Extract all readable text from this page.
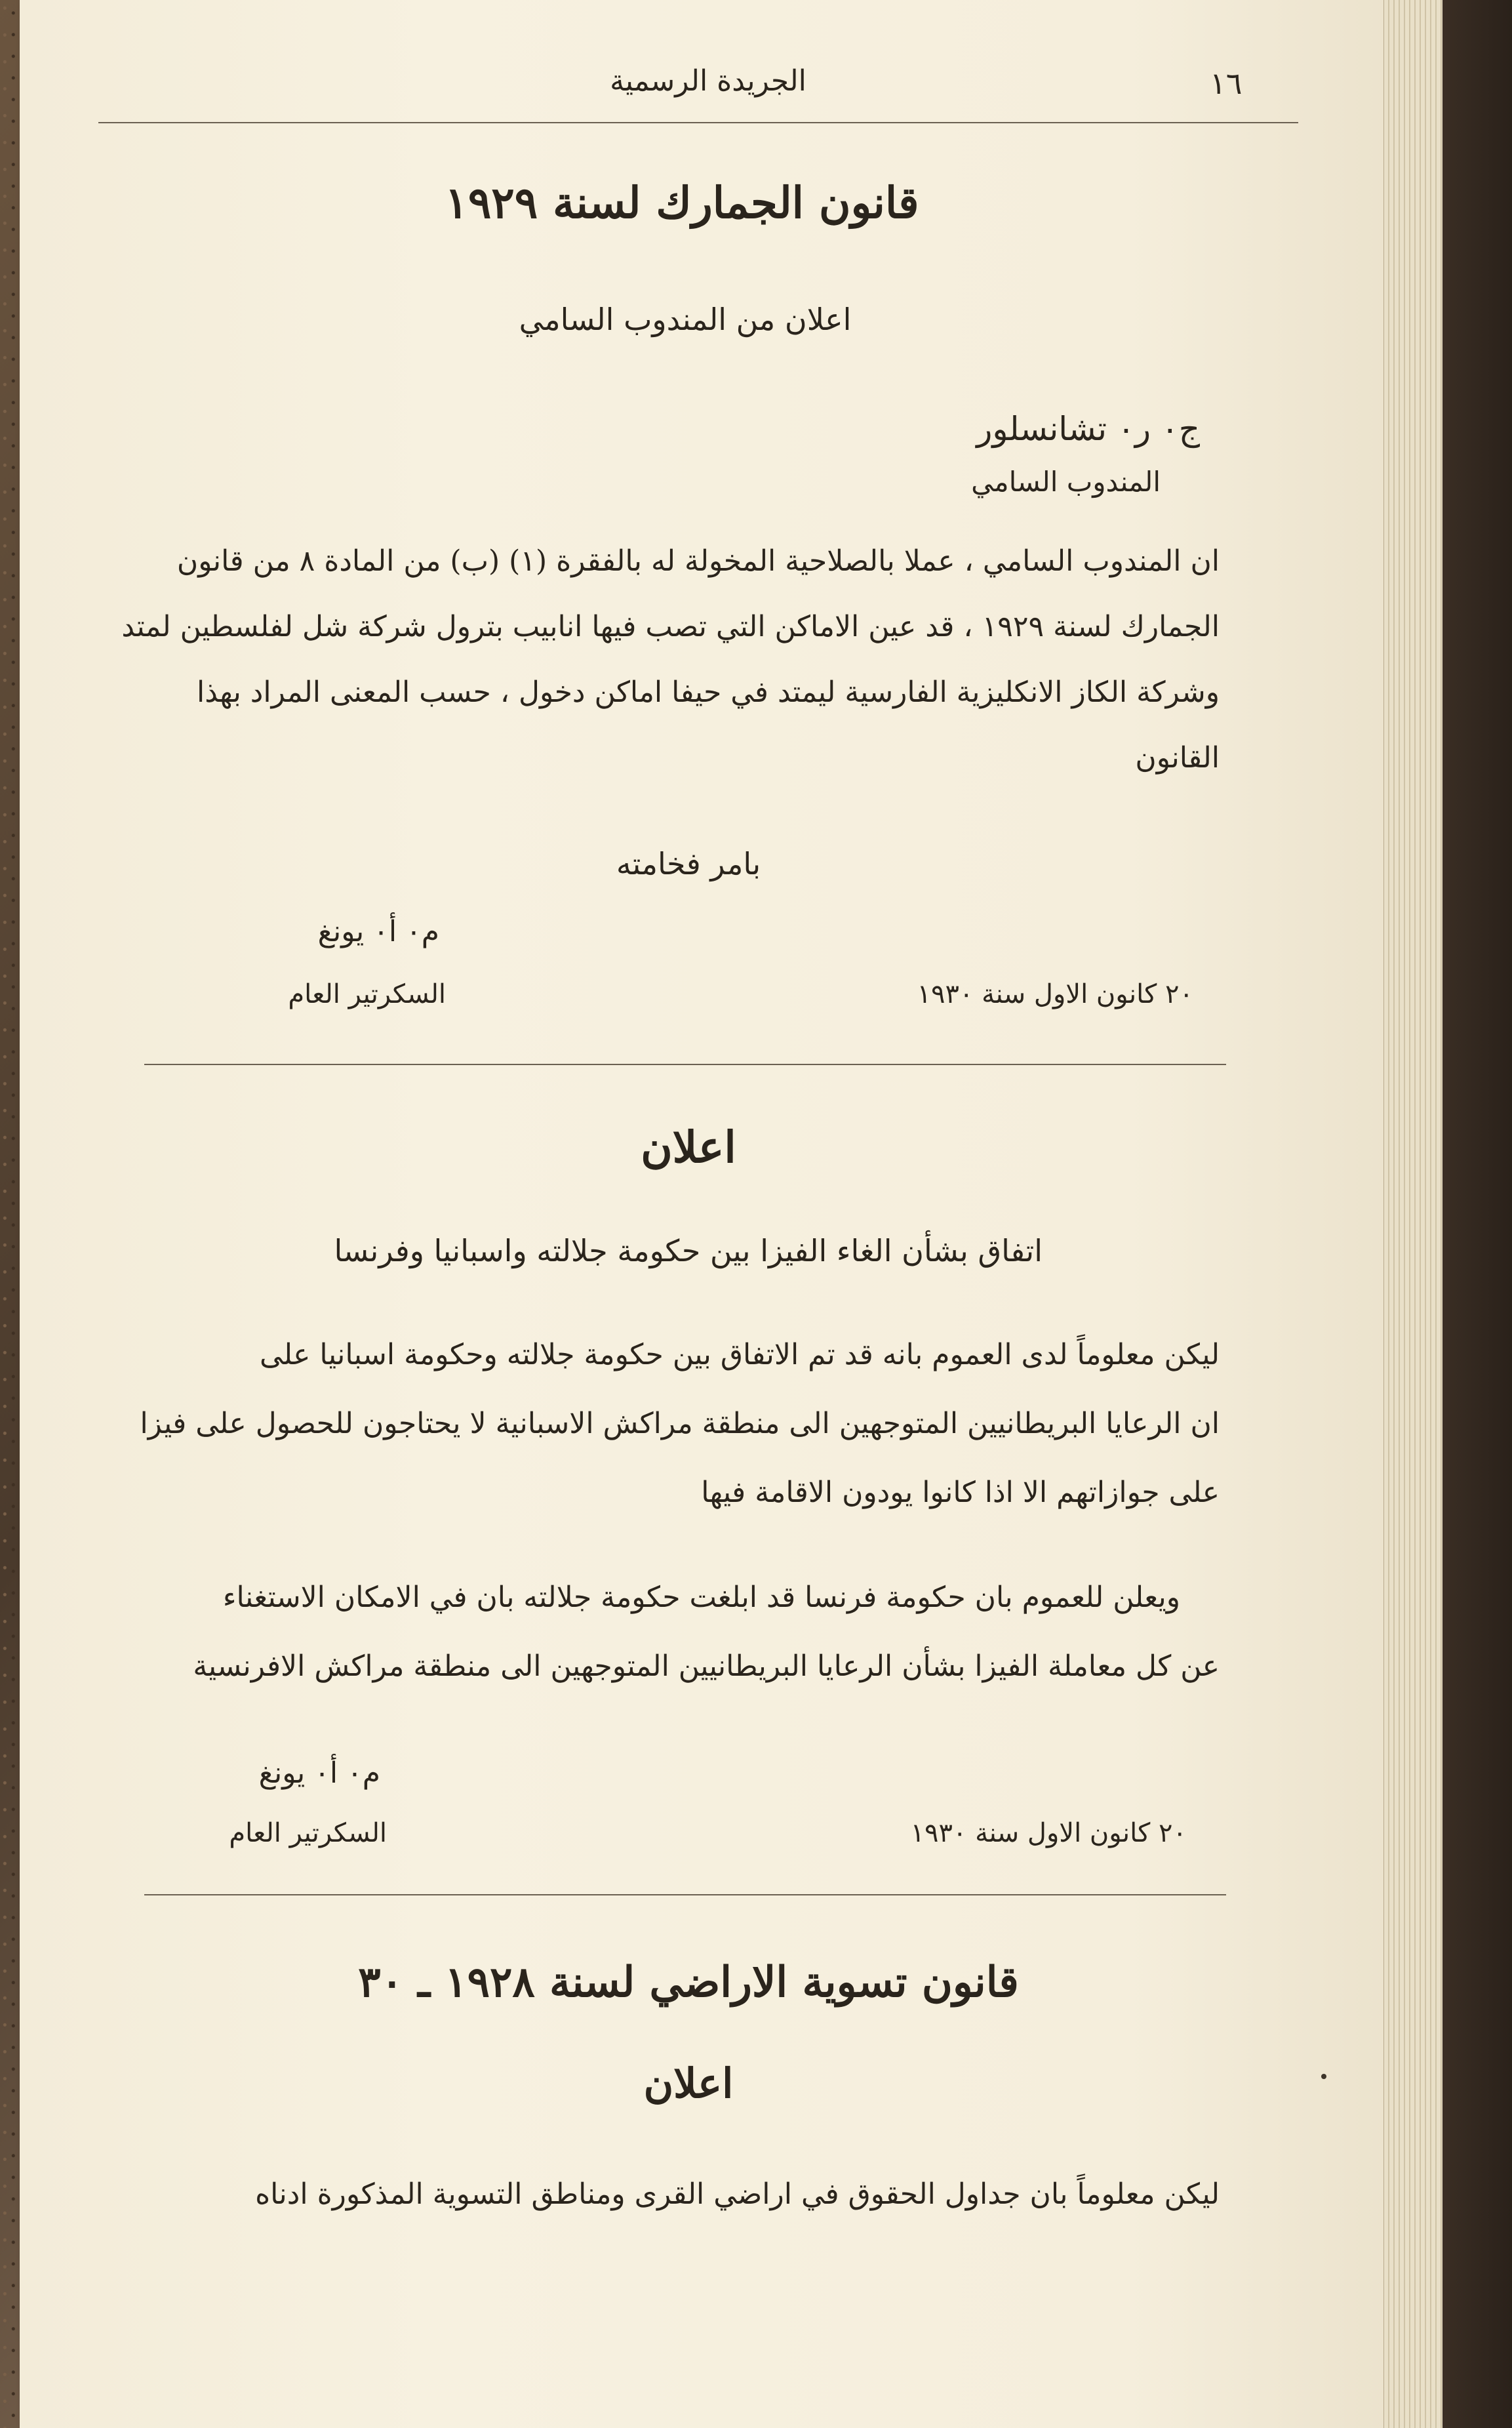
١٦
الجريدة الرسمية
قانون الجمارك لسنة ١٩٢٩
اعلان من المندوب السامي
ج٠ ر٠ تشانسلور
المندوب السامي
ان المندوب السامي ، عملا بالصلاحية المخولة له بالفقرة (١) (ب) من المادة ٨ من قانون
الجمارك لسنة ١٩٢٩ ، قد عين الاماكن التي تصب فيها انابيب بترول شركة شل لفلسطين لمتد
وشركة الكاز الانكليزية الفارسية ليمتد في حيفا اماكن دخول ، حسب المعنى المراد بهذا
القانون
بامر فخامته
م٠ أ٠ يونغ
السكرتير العام	٢٠ كانون الاول سنة ١٩٣٠
اعلان
اتفاق بشأن الغاء الفيزا بين حكومة جلالته واسبانيا وفرنسا
ليكن معلوماً لدى العموم بانه قد تم الاتفاق بين حكومة جلالته وحكومة اسبانيا على
ان الرعايا البريطانيين المتوجهين الى منطقة مراكش الاسبانية لا يحتاجون للحصول على فيزا
على جوازاتهم الا اذا كانوا يودون الاقامة فيها
ويعلن للعموم بان حكومة فرنسا قد ابلغت حكومة جلالته بان في الامكان الاستغناء
عن كل معاملة الفيزا بشأن الرعايا البريطانيين المتوجهين الى منطقة مراكش الافرنسية
م٠ أ٠ يونغ
السكرتير العام	٢٠ كانون الاول سنة ١٩٣٠
قانون تسوية الاراضي لسنة ١٩٢٨ ـ ٣٠
اعلان
ليكن معلوماً بان جداول الحقوق في اراضي القرى ومناطق التسوية المذكورة ادناه
